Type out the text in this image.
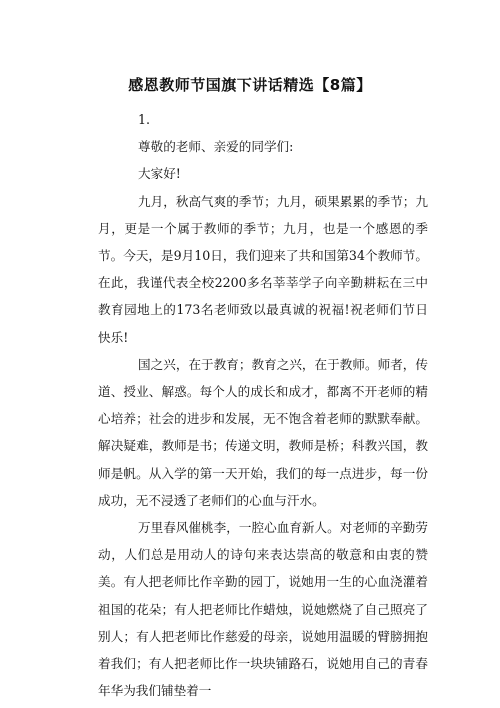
感恩教师节国旗下讲话精选【8篇】

1.

尊敬的老师、亲爱的同学们:

大家好!

九月，秋高气爽的季节；九月，硕果累累的季节；九月，更是一个属于教师的季节；九月，也是一个感恩的季节。今天，是9月10日，我们迎来了共和国第34个教师节。在此，我谨代表全校2200多名莘莘学子向辛勤耕耘在三中教育园地上的173名老师致以最真诚的祝福!祝老师们节日快乐!

国之兴，在于教育；教育之兴，在于教师。师者，传道、授业、解惑。每个人的成长和成才，都离不开老师的精心培养；社会的进步和发展，无不饱含着老师的默默奉献。解决疑难，教师是书；传递文明，教师是桥；科教兴国，教师是帆。从入学的第一天开始，我们的每一点进步，每一份成功，无不浸透了老师们的心血与汗水。

万里春风催桃李，一腔心血育新人。对老师的辛勤劳动，人们总是用动人的诗句来表达崇高的敬意和由衷的赞美。有人把老师比作辛勤的园丁，说她用一生的心血浇灌着祖国的花朵；有人把老师比作蜡烛，说她燃烧了自己照亮了别人；有人把老师比作慈爱的母亲，说她用温暖的臂膀拥抱着我们；有人把老师比作一块块铺路石，说她用自己的青春年华为我们铺垫着一
